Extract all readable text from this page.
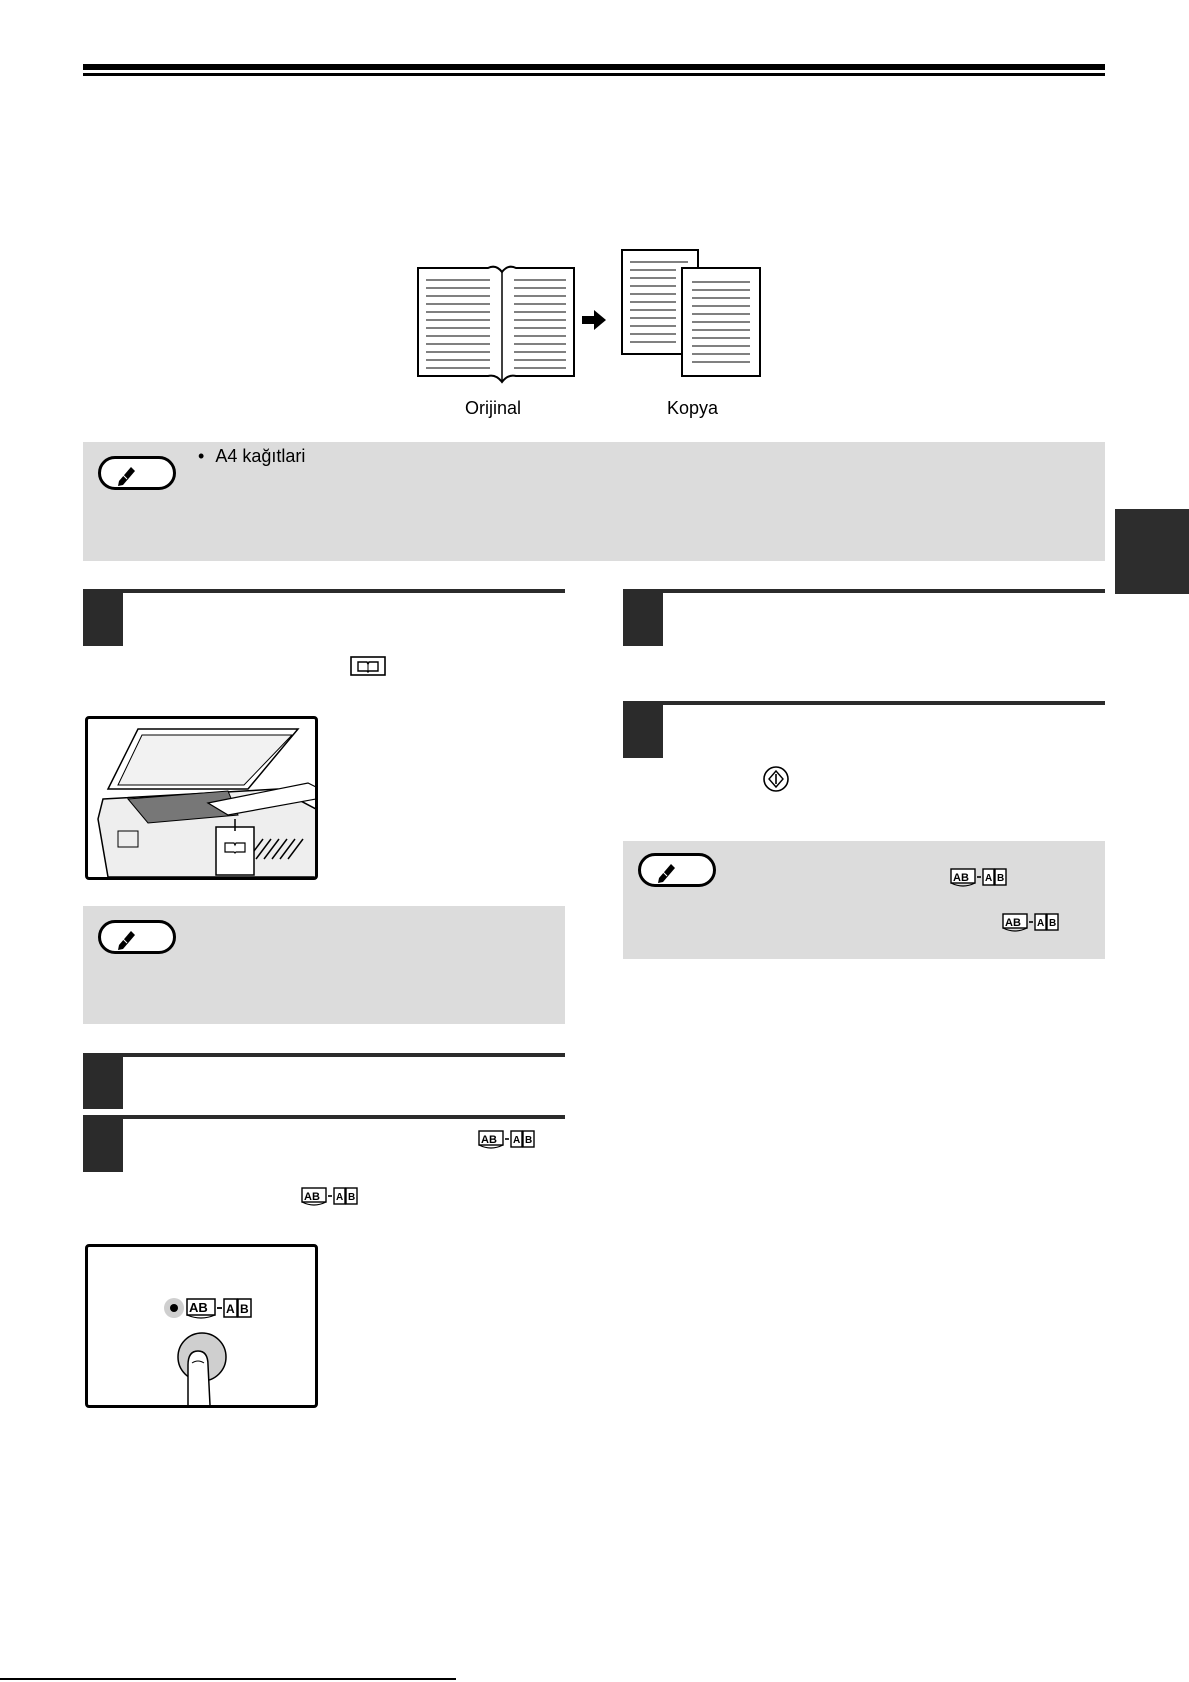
Orijinal	Kopya
• A4 kağıtlari
AB A B
AB A B
AB A B
AB A B
AB A B
